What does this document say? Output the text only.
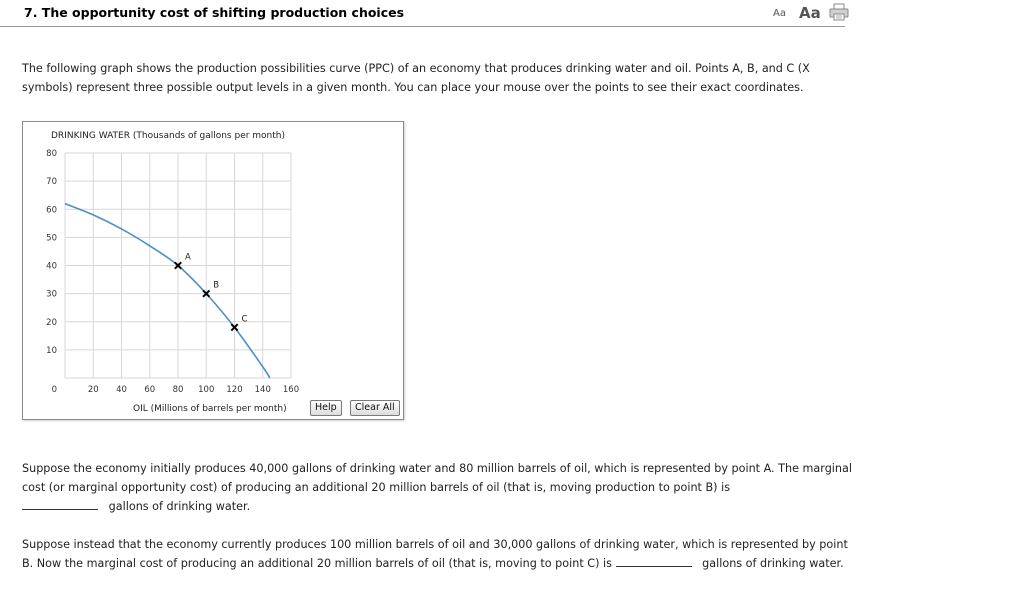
7. The opportunity cost of shifting production choices	Aa Aa
The following graph shows the production possibilities curve (PPC) of an economy that produces drinking water and oil. Points A, B, and C (X symbols) represent three possible output levels in a given month. You can place your mouse over the points to see their exact coordinates.
0
10
20
30
40
50
60
70
80
20 40 60 80 100 120 140 160
A
B
C
DRINKING WATER (Thousands of gallons per month)
OIL (Millions of barrels per month)	Help	Clear All
Suppose the economy initially produces 40,000 gallons of drinking water and 80 million barrels of oil, which is represented by point A. The marginal cost (or marginal opportunity cost) of producing an additional 20 million barrels of oil (that is, moving production to point B) is
gallons of drinking water.
Suppose instead that the economy currently produces 100 million barrels of oil and 30,000 gallons of drinking water, which is represented by point B. Now the marginal cost of producing an additional 20 million barrels of oil (that is, moving to point C) is	gallons of drinking water.
